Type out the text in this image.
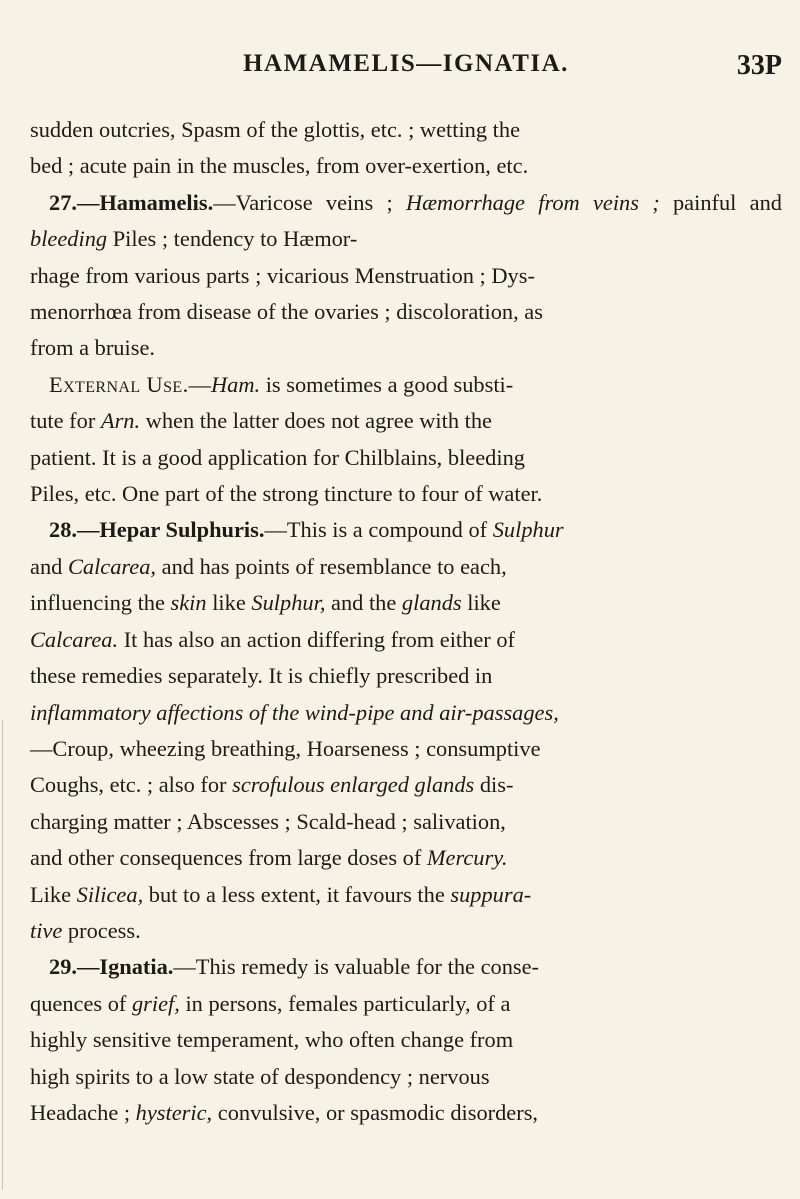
HAMAMELIS—IGNATIA.	33P

sudden outcries, Spasm of the glottis, etc. ; wetting the

bed ; acute pain in the muscles, from over-exertion, etc.

27.—Hamamelis.—Varicose veins ; Hæmorrhage from veins ; painful and bleeding Piles ; tendency to Hæmor-

rhage from various parts ; vicarious Menstruation ; Dys-

menorrhœa from disease of the ovaries ; discoloration, as

from a bruise.

External Use.—Ham. is sometimes a good substi-

tute for Arn. when the latter does not agree with the

patient. It is a good application for Chilblains, bleeding

Piles, etc. One part of the strong tincture to four of water.

28.—Hepar Sulphuris.—This is a compound of Sulphur

and Calcarea, and has points of resemblance to each,

influencing the skin like Sulphur, and the glands like

Calcarea. It has also an action differing from either of

these remedies separately. It is chiefly prescribed in

inflammatory affections of the wind-pipe and air-passages,

—Croup, wheezing breathing, Hoarseness ; consumptive

Coughs, etc. ; also for scrofulous enlarged glands dis-

charging matter ; Abscesses ; Scald-head ; salivation,

and other consequences from large doses of Mercury.

Like Silicea, but to a less extent, it favours the suppura-

tive process.

29.—Ignatia.—This remedy is valuable for the conse-

quences of grief, in persons, females particularly, of a

highly sensitive temperament, who often change from

high spirits to a low state of despondency ; nervous

Headache ; hysteric, convulsive, or spasmodic disorders,
